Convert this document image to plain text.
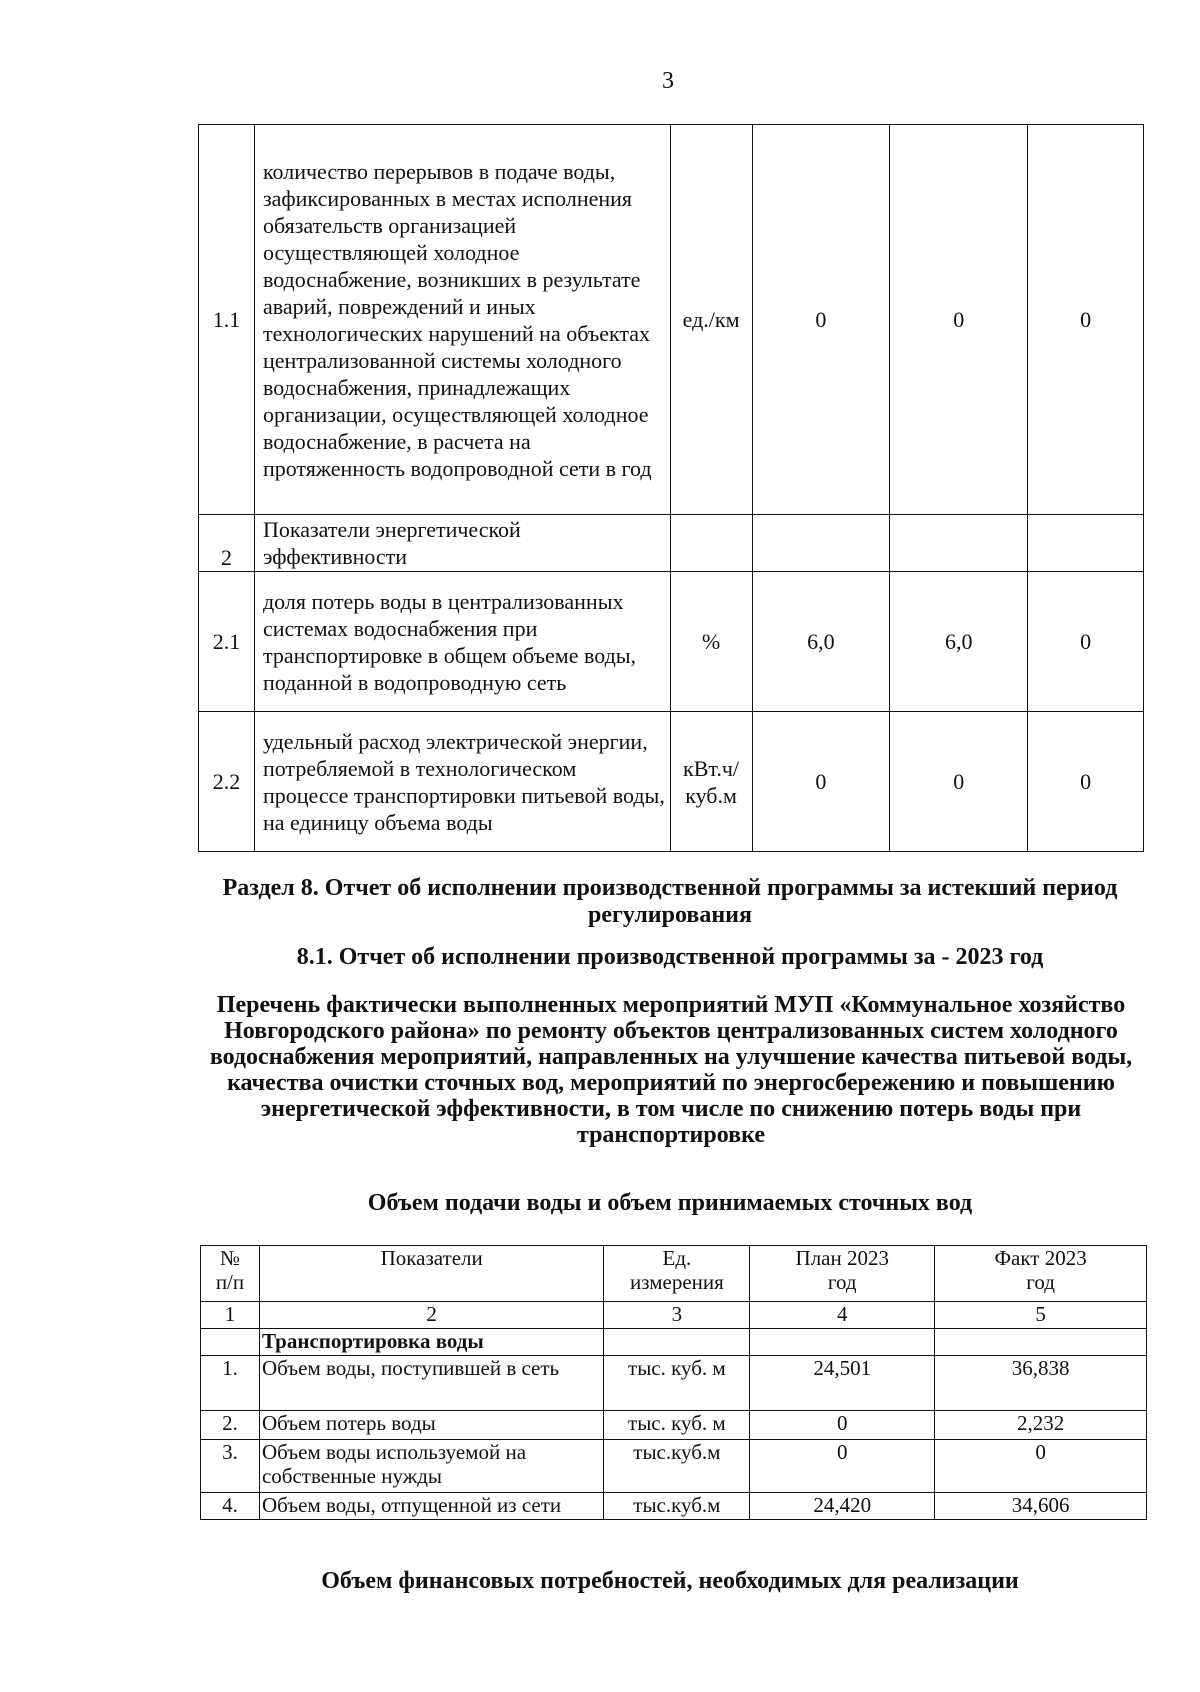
3
1.1	количество перерывов в подаче воды, зафиксированных в местах исполнения обязательств организацией осуществляющей холодное водоснабжение, возникших в результате аварий, повреждений и иных технологических нарушений на объектах централизованной системы холодного водоснабжения, принадлежащих организации, осуществляющей холодное водоснабжение, в расчета на протяженность водопроводной сети в год	ед./км	0	0	0
2	Показатели энергетической эффективности				
2.1	доля потерь воды в централизованных системах водоснабжения при транспортировке в общем объеме воды, поданной в водопроводную сеть	%	6,0	6,0	0
2.2	удельный расход электрической энергии, потребляемой в технологическом процессе транспортировки питьевой воды, на единицу объема воды	кВт.ч/куб.м	0	0	0
Раздел 8. Отчет об исполнении производственной программы за истекший период регулирования
8.1. Отчет об исполнении производственной программы за - 2023 год
Перечень фактически выполненных мероприятий МУП «Коммунальное хозяйство Новгородского района» по ремонту объектов централизованных систем холодного водоснабжения мероприятий, направленных на улучшение качества питьевой воды, качества очистки сточных вод, мероприятий по энергосбережению и повышению энергетической эффективности, в том числе по снижению потерь воды при транспортировке
Объем подачи воды и объем принимаемых сточных вод
№ п/п	Показатели	Ед. измерения	План 2023 год	Факт 2023 год
1	2	3	4	5
	Транспортировка воды			
1.	Объем воды, поступившей в сеть	тыс. куб. м	24,501	36,838
2.	Объем потерь воды	тыс. куб. м	0	2,232
3.	Объем воды используемой на собственные нужды	тыс.куб.м	0	0
4.	Объем воды, отпущенной из сети	тыс.куб.м	24,420	34,606
Объем финансовых потребностей, необходимых для реализации
